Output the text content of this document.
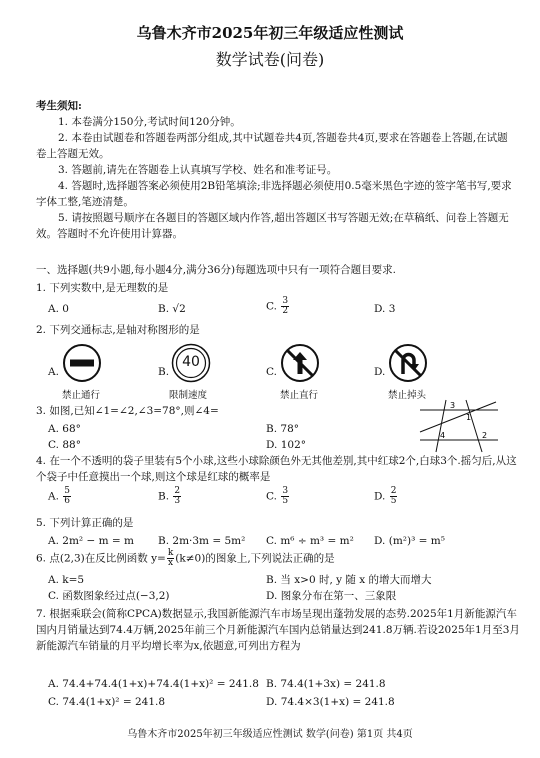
乌鲁木齐市2025年初三年级适应性测试
数学试卷(问卷)
考生须知:
1. 本卷满分150分,考试时间120分钟。
2. 本卷由试题卷和答题卷两部分组成,其中试题卷共4页,答题卷共4页,要求在答题卷上答题,在试题卷上答题无效。
3. 答题前,请先在答题卷上认真填写学校、姓名和准考证号。
4. 答题时,选择题答案必须使用2B铅笔填涂;非选择题必须使用0.5毫米黑色字迹的签字笔书写,要求字体工整,笔迹清楚。
5. 请按照题号顺序在各题目的答题区域内作答,超出答题区书写答题无效;在草稿纸、问卷上答题无效。答题时不允许使用计算器。
一、选择题(共9小题,每小题4分,满分36分)每题选项中只有一项符合题目要求.
1. 下列实数中,是无理数的是
A. 0	B. √2	C. $\frac{3}{2}$	D. 3
2. 下列交通标志,是轴对称图形的是
A.
禁止通行
B.
40
限制速度
C.
禁止直行
D.
禁止掉头
3. 如图,已知∠1=∠2,∠3=78°,则∠4=
A. 68°	B. 78°
C. 88°	D. 102°
3
1
4	2
4. 在一个不透明的袋子里装有5个小球,这些小球除颜色外无其他差别,其中红球2个,白球3个.摇匀后,从这个袋子中任意摸出一个球,则这个球是红球的概率是
A. $\frac{5}{6}$	B. $\frac{2}{3}$	C. $\frac{3}{5}$	D. $\frac{2}{5}$
5. 下列计算正确的是
A. 2m² − m = m B. 2m·3m = 5m² C. m⁶ ÷ m³ = m² D. (m²)³ = m⁵
6. 点(2,3)在反比例函数 $y= \frac{k}{x} (k\ne 0)$的图象上,下列说法正确的是
A. k=5	B. 当 x>0 时, y 随 x 的增大而增大
C. 函数图象经过点(−3,2)	D. 图象分布在第一、三象限
7. 根据乘联会(简称CPCA)数据显示,我国新能源汽车市场呈现出蓬勃发展的态势.2025年1月新能源汽车国内月销量达到74.4万辆,2025年前三个月新能源汽车国内总销量达到241.8万辆.若设2025年1月至3月新能源汽车销量的月平均增长率为x,依题意,可列出方程为
A. 74.4+74.4(1+x)+74.4(1+x)² = 241.8 B. 74.4(1+3x) = 241.8
C. 74.4(1+x)² = 241.8	D. 74.4×3(1+x) = 241.8
乌鲁木齐市2025年初三年级适应性测试 数学(问卷) 第1页 共4页
